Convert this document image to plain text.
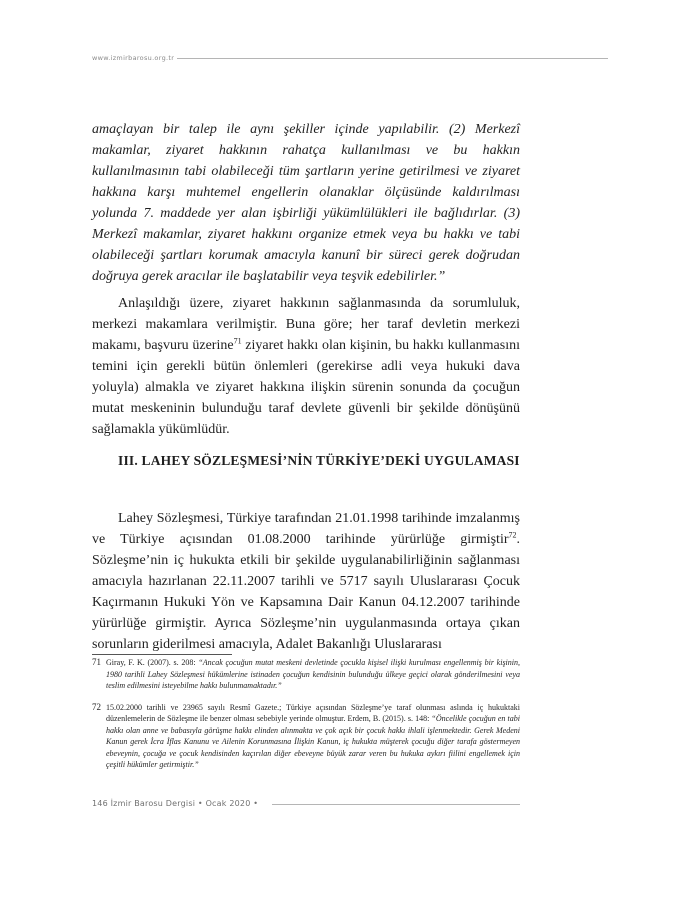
www.izmirbarosu.org.tr
amaçlayan bir talep ile aynı şekiller içinde yapılabilir. (2) Merkezî makamlar, ziyaret hakkının rahatça kullanılması ve bu hakkın kullanılmasının tabi olabileceği tüm şartların yerine getirilmesi ve ziyaret hakkına karşı muhtemel engellerin olanaklar ölçüsünde kaldırılması yolunda 7. maddede yer alan işbirliği yükümlülükleri ile bağlıdırlar. (3) Merkezî makamlar, ziyaret hakkını organize etmek veya bu hakkı ve tabi olabileceği şartları korumak amacıyla kanunî bir süreci gerek doğrudan doğruya gerek aracılar ile başlatabilir veya teşvik edebilirler.”
Anlaşıldığı üzere, ziyaret hakkının sağlanmasında da sorumluluk, merkezi makamlara verilmiştir. Buna göre; her taraf devletin merkezi makamı, başvuru üzerine$^{71}$ ziyaret hakkı olan kişinin, bu hakkı kullanmasını temini için gerekli bütün önlemleri (gerekirse adli veya hukuki dava yoluyla) almakla ve ziyaret hakkına ilişkin sürenin sonunda da çocuğun mutat meskeninin bulunduğu taraf devlete güvenli bir şekilde dönüşünü sağlamakla yükümlüdür.
III. LAHEY SÖZLEŞMESİ’NİN TÜRKİYE’DEKİ UYGULAMASI
Lahey Sözleşmesi, Türkiye tarafından 21.01.1998 tarihinde imzalanmış ve Türkiye açısından 01.08.2000 tarihinde yürürlüğe girmiştir$^{72}$. Sözleşme’nin iç hukukta etkili bir şekilde uygulanabilirliğinin sağlanması amacıyla hazırlanan 22.11.2007 tarihli ve 5717 sayılı Uluslararası Çocuk Kaçırmanın Hukuki Yön ve Kapsamına Dair Kanun 04.12.2007 tarihinde yürürlüğe girmiştir. Ayrıca Sözleşme’nin uygulanmasında ortaya çıkan sorunların giderilmesi amacıyla, Adalet Bakanlığı Uluslararası
71 Giray, F. K. (2007). s. 208: “Ancak çocuğun mutat meskeni devletinde çocukla kişisel ilişki kurulması engellenmiş bir kişinin, 1980 tarihli Lahey Sözleşmesi hükümlerine istinaden çocuğun kendisinin bulunduğu ülkeye geçici olarak gönderilmesini veya teslim edilmesini isteyebilme hakkı bulunmamaktadır.”
72 15.02.2000 tarihli ve 23965 sayılı Resmî Gazete.; Türkiye açısından Sözleşme’ye taraf olunması aslında iç hukuktaki düzenlemelerin de Sözleşme ile benzer olması sebebiyle yerinde olmuştur. Erdem, B. (2015). s. 148: “Öncelikle çocuğun en tabi hakkı olan anne ve babasıyla görüşme hakkı elinden alınmakta ve çok açık bir çocuk hakkı ihlali işlenmektedir. Gerek Medeni Kanun gerek İcra İflas Kanunu ve Ailenin Korunmasına İlişkin Kanun, iç hukukta müşterek çocuğu diğer tarafa göstermeyen ebeveynin, çocuğa ve çocuk kendisinden kaçırılan diğer ebeveyne büyük zarar veren bu hukuka aykırı fiilini engellemek için çeşitli hükümler getirmiştir.”
146 İzmir Barosu Dergisi • Ocak 2020 •
